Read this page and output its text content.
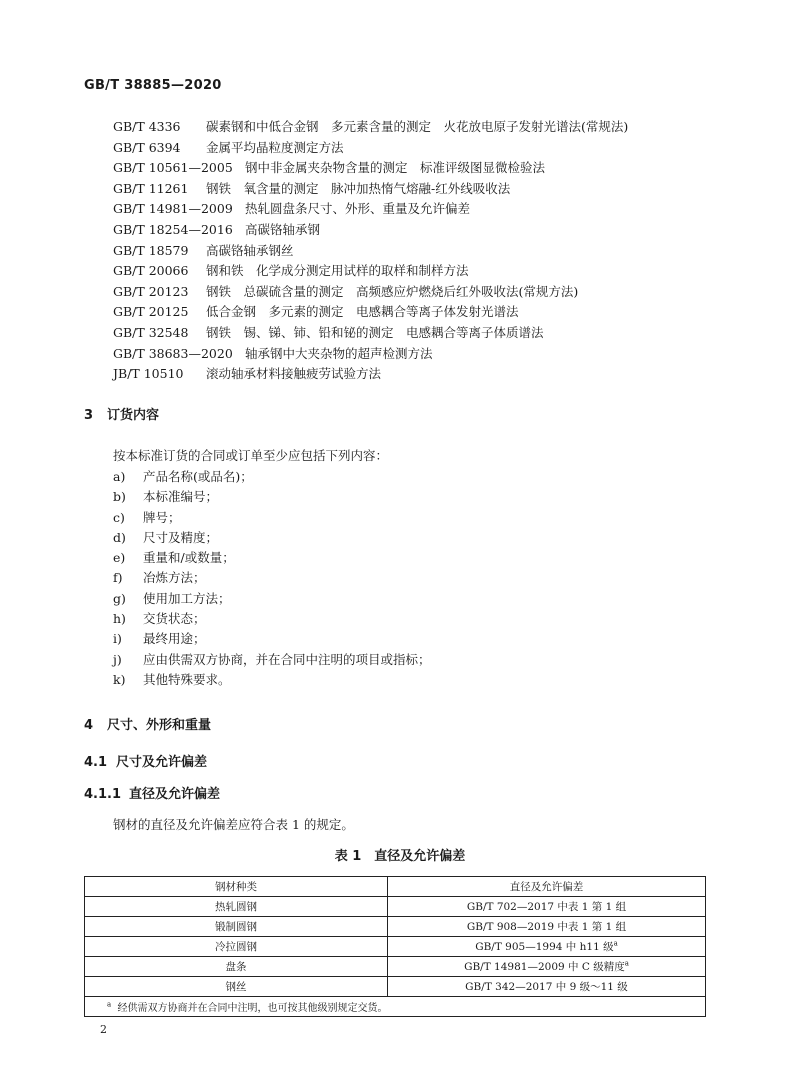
GB/T 38885—2020
GB/T 4336 碳素钢和中低合金钢　多元素含量的测定　火花放电原子发射光谱法(常规法)
GB/T 6394 金属平均晶粒度测定方法
GB/T 10561—2005 钢中非金属夹杂物含量的测定　标准评级图显微检验法
GB/T 11261 钢铁　氧含量的测定　脉冲加热惰气熔融-红外线吸收法
GB/T 14981—2009 热轧圆盘条尺寸、外形、重量及允许偏差
GB/T 18254—2016 高碳铬轴承钢
GB/T 18579 高碳铬轴承钢丝
GB/T 20066 钢和铁　化学成分测定用试样的取样和制样方法
GB/T 20123 钢铁　总碳硫含量的测定　高频感应炉燃烧后红外吸收法(常规方法)
GB/T 20125 低合金钢　多元素的测定　电感耦合等离子体发射光谱法
GB/T 32548 钢铁　锡、锑、铈、铅和铋的测定　电感耦合等离子体质谱法
GB/T 38683—2020 轴承钢中大夹杂物的超声检测方法
JB/T 10510 滚动轴承材料接触疲劳试验方法
3 订货内容
按本标准订货的合同或订单至少应包括下列内容：
a) 产品名称(或品名)；
b) 本标准编号；
c) 牌号；
d) 尺寸及精度；
e) 重量和/或数量；
f) 冶炼方法；
g) 使用加工方法；
h) 交货状态；
i) 最终用途；
j) 应由供需双方协商，并在合同中注明的项目或指标；
k) 其他特殊要求。
4 尺寸、外形和重量
4.1 尺寸及允许偏差
4.1.1 直径及允许偏差
钢材的直径及允许偏差应符合表 1 的规定。
表 1　直径及允许偏差
钢材种类	直径及允许偏差
热轧圆钢	GB/T 702—2017 中表 1 第 1 组
锻制圆钢	GB/T 908—2019 中表 1 第 1 组
冷拉圆钢	GB/T 905—1994 中 h11 级$^a$
盘条	GB/T 14981—2009 中 C 级精度$^a$
钢丝	GB/T 342—2017 中 9 级～11 级
$^a$ 经供需双方协商并在合同中注明，也可按其他级别规定交货。	
2
